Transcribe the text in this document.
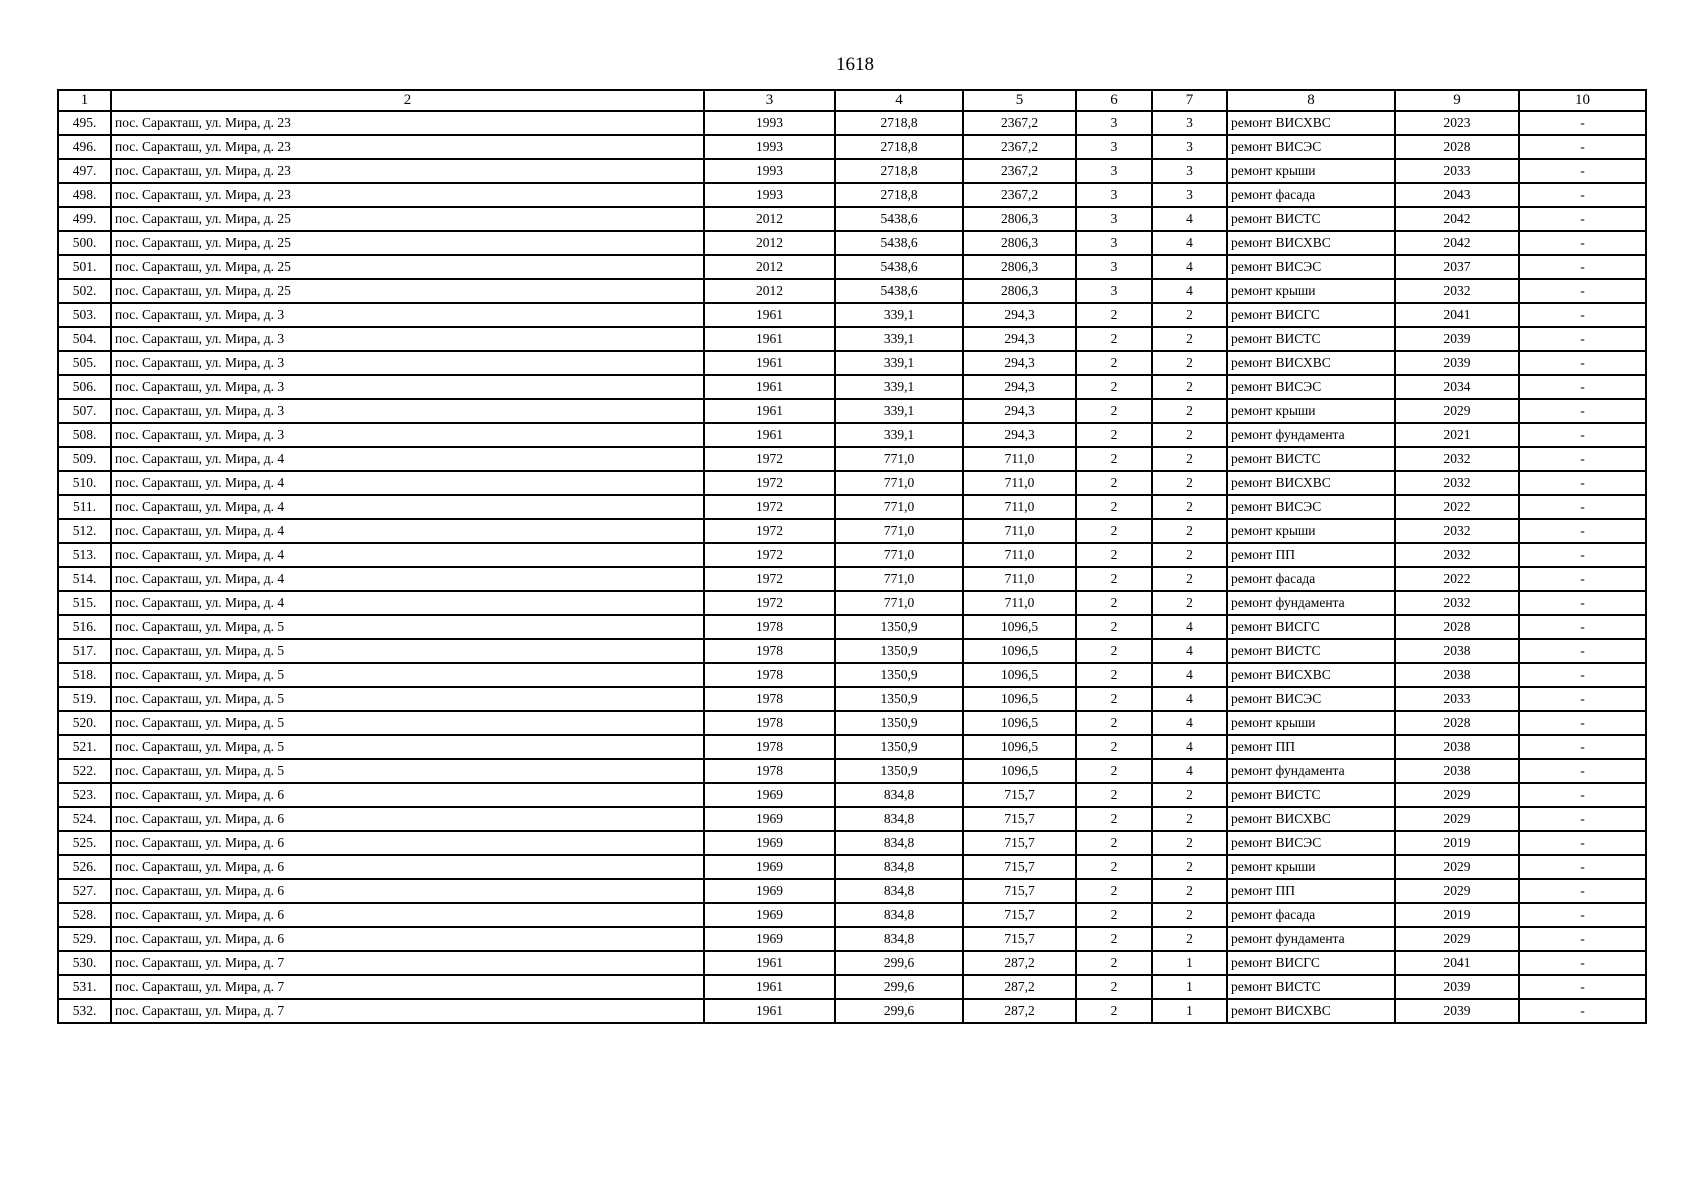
1618
1	2	3	4	5	6	7	8	9	10
495.	пос. Саракташ, ул. Мира, д. 23	1993	2718,8	2367,2	3	3	ремонт ВИСХВС	2023	-
496.	пос. Саракташ, ул. Мира, д. 23	1993	2718,8	2367,2	3	3	ремонт ВИСЭС	2028	-
497.	пос. Саракташ, ул. Мира, д. 23	1993	2718,8	2367,2	3	3	ремонт крыши	2033	-
498.	пос. Саракташ, ул. Мира, д. 23	1993	2718,8	2367,2	3	3	ремонт фасада	2043	-
499.	пос. Саракташ, ул. Мира, д. 25	2012	5438,6	2806,3	3	4	ремонт ВИСТС	2042	-
500.	пос. Саракташ, ул. Мира, д. 25	2012	5438,6	2806,3	3	4	ремонт ВИСХВС	2042	-
501.	пос. Саракташ, ул. Мира, д. 25	2012	5438,6	2806,3	3	4	ремонт ВИСЭС	2037	-
502.	пос. Саракташ, ул. Мира, д. 25	2012	5438,6	2806,3	3	4	ремонт крыши	2032	-
503.	пос. Саракташ, ул. Мира, д. 3	1961	339,1	294,3	2	2	ремонт ВИСГС	2041	-
504.	пос. Саракташ, ул. Мира, д. 3	1961	339,1	294,3	2	2	ремонт ВИСТС	2039	-
505.	пос. Саракташ, ул. Мира, д. 3	1961	339,1	294,3	2	2	ремонт ВИСХВС	2039	-
506.	пос. Саракташ, ул. Мира, д. 3	1961	339,1	294,3	2	2	ремонт ВИСЭС	2034	-
507.	пос. Саракташ, ул. Мира, д. 3	1961	339,1	294,3	2	2	ремонт крыши	2029	-
508.	пос. Саракташ, ул. Мира, д. 3	1961	339,1	294,3	2	2	ремонт фундамента	2021	-
509.	пос. Саракташ, ул. Мира, д. 4	1972	771,0	711,0	2	2	ремонт ВИСТС	2032	-
510.	пос. Саракташ, ул. Мира, д. 4	1972	771,0	711,0	2	2	ремонт ВИСХВС	2032	-
511.	пос. Саракташ, ул. Мира, д. 4	1972	771,0	711,0	2	2	ремонт ВИСЭС	2022	-
512.	пос. Саракташ, ул. Мира, д. 4	1972	771,0	711,0	2	2	ремонт крыши	2032	-
513.	пос. Саракташ, ул. Мира, д. 4	1972	771,0	711,0	2	2	ремонт ПП	2032	-
514.	пос. Саракташ, ул. Мира, д. 4	1972	771,0	711,0	2	2	ремонт фасада	2022	-
515.	пос. Саракташ, ул. Мира, д. 4	1972	771,0	711,0	2	2	ремонт фундамента	2032	-
516.	пос. Саракташ, ул. Мира, д. 5	1978	1350,9	1096,5	2	4	ремонт ВИСГС	2028	-
517.	пос. Саракташ, ул. Мира, д. 5	1978	1350,9	1096,5	2	4	ремонт ВИСТС	2038	-
518.	пос. Саракташ, ул. Мира, д. 5	1978	1350,9	1096,5	2	4	ремонт ВИСХВС	2038	-
519.	пос. Саракташ, ул. Мира, д. 5	1978	1350,9	1096,5	2	4	ремонт ВИСЭС	2033	-
520.	пос. Саракташ, ул. Мира, д. 5	1978	1350,9	1096,5	2	4	ремонт крыши	2028	-
521.	пос. Саракташ, ул. Мира, д. 5	1978	1350,9	1096,5	2	4	ремонт ПП	2038	-
522.	пос. Саракташ, ул. Мира, д. 5	1978	1350,9	1096,5	2	4	ремонт фундамента	2038	-
523.	пос. Саракташ, ул. Мира, д. 6	1969	834,8	715,7	2	2	ремонт ВИСТС	2029	-
524.	пос. Саракташ, ул. Мира, д. 6	1969	834,8	715,7	2	2	ремонт ВИСХВС	2029	-
525.	пос. Саракташ, ул. Мира, д. 6	1969	834,8	715,7	2	2	ремонт ВИСЭС	2019	-
526.	пос. Саракташ, ул. Мира, д. 6	1969	834,8	715,7	2	2	ремонт крыши	2029	-
527.	пос. Саракташ, ул. Мира, д. 6	1969	834,8	715,7	2	2	ремонт ПП	2029	-
528.	пос. Саракташ, ул. Мира, д. 6	1969	834,8	715,7	2	2	ремонт фасада	2019	-
529.	пос. Саракташ, ул. Мира, д. 6	1969	834,8	715,7	2	2	ремонт фундамента	2029	-
530.	пос. Саракташ, ул. Мира, д. 7	1961	299,6	287,2	2	1	ремонт ВИСГС	2041	-
531.	пос. Саракташ, ул. Мира, д. 7	1961	299,6	287,2	2	1	ремонт ВИСТС	2039	-
532.	пос. Саракташ, ул. Мира, д. 7	1961	299,6	287,2	2	1	ремонт ВИСХВС	2039	-
